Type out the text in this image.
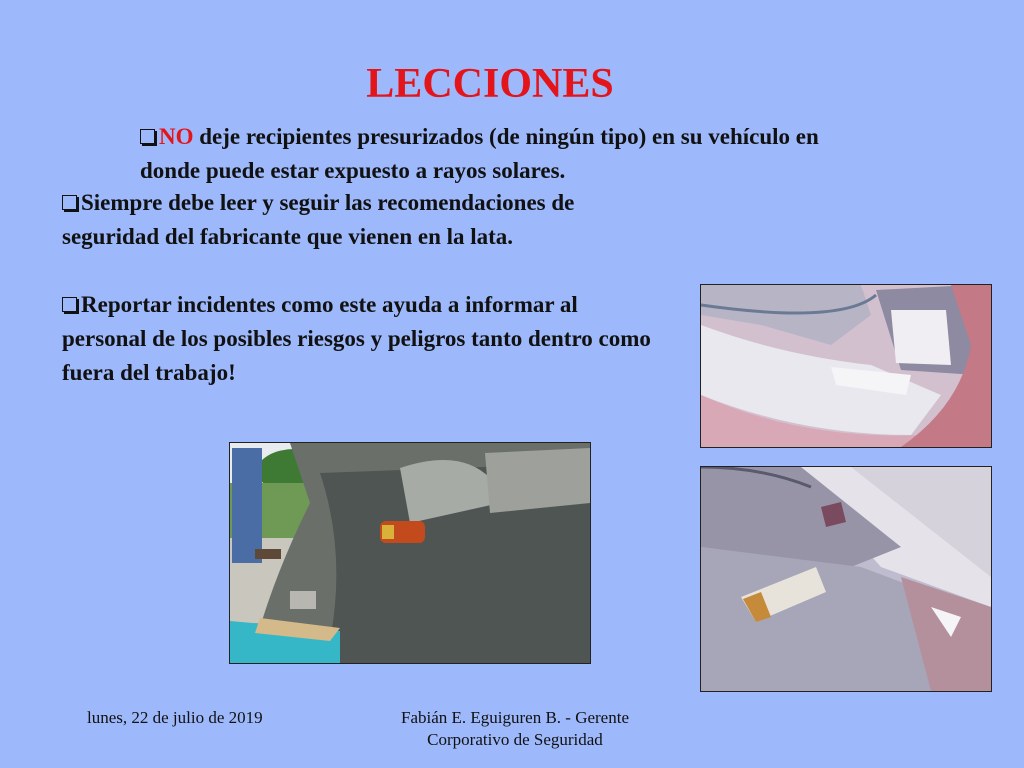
LECCIONES
NO deje recipientes presurizados (de ningún tipo) en su vehículo en donde puede estar expuesto a rayos solares.
Siempre debe leer y seguir las recomendaciones de seguridad del fabricante que vienen en la lata.
Reportar incidentes como este ayuda a informar al personal de los posibles riesgos y peligros tanto dentro como fuera del trabajo!
lunes, 22 de julio de 2019	Fabián E. Eguiguren B. - Gerente Corporativo de Seguridad
